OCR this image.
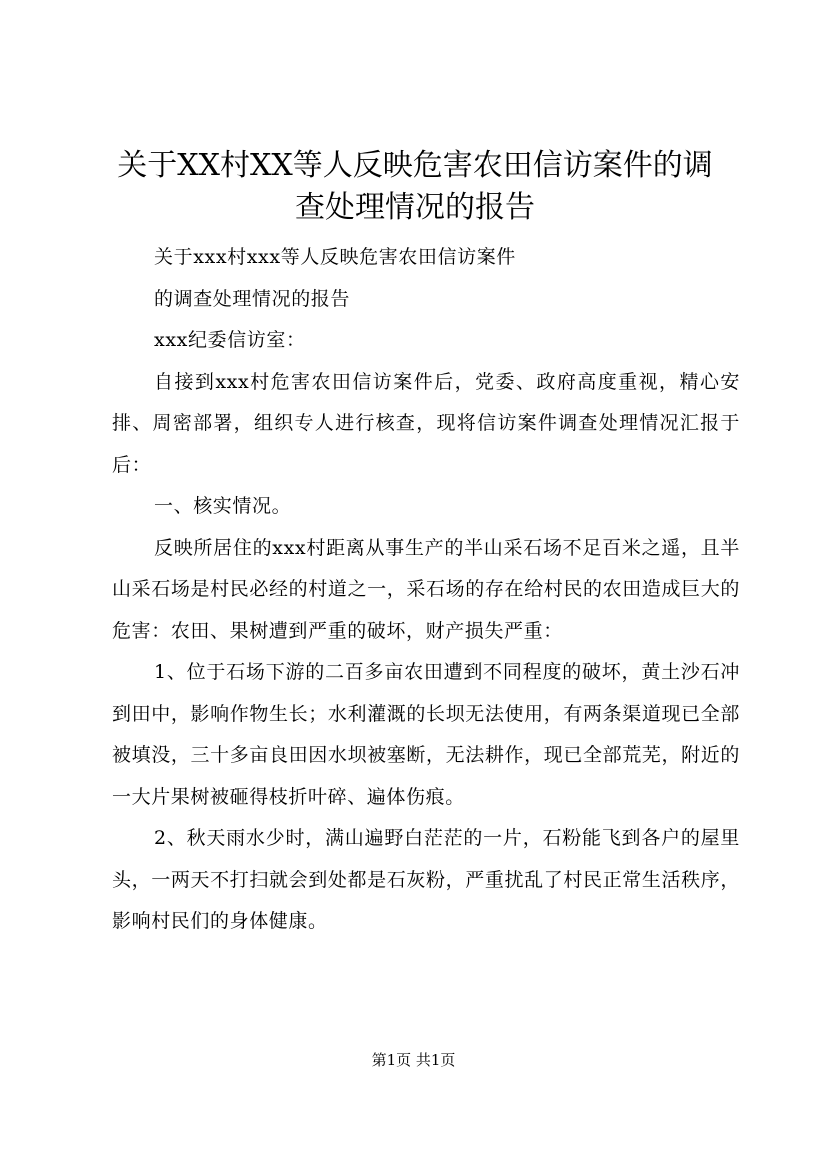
关于XX村XX等人反映危害农田信访案件的调查处理情况的报告

关于xxx村xxx等人反映危害农田信访案件

的调查处理情况的报告

xxx纪委信访室：

自接到xxx村危害农田信访案件后，党委、政府高度重视，精心安排、周密部署，组织专人进行核查，现将信访案件调查处理情况汇报于后：

一、核实情况。

反映所居住的xxx村距离从事生产的半山采石场不足百米之遥，且半山采石场是村民必经的村道之一，采石场的存在给村民的农田造成巨大的危害：农田、果树遭到严重的破坏，财产损失严重：

1、位于石场下游的二百多亩农田遭到不同程度的破坏，黄土沙石冲到田中，影响作物生长；水利灌溉的长坝无法使用，有两条渠道现已全部被填没，三十多亩良田因水坝被塞断，无法耕作，现已全部荒芜，附近的一大片果树被砸得枝折叶碎、遍体伤痕。

2、秋天雨水少时，满山遍野白茫茫的一片，石粉能飞到各户的屋里头，一两天不打扫就会到处都是石灰粉，严重扰乱了村民正常生活秩序，影响村民们的身体健康。

第1页 共1页
